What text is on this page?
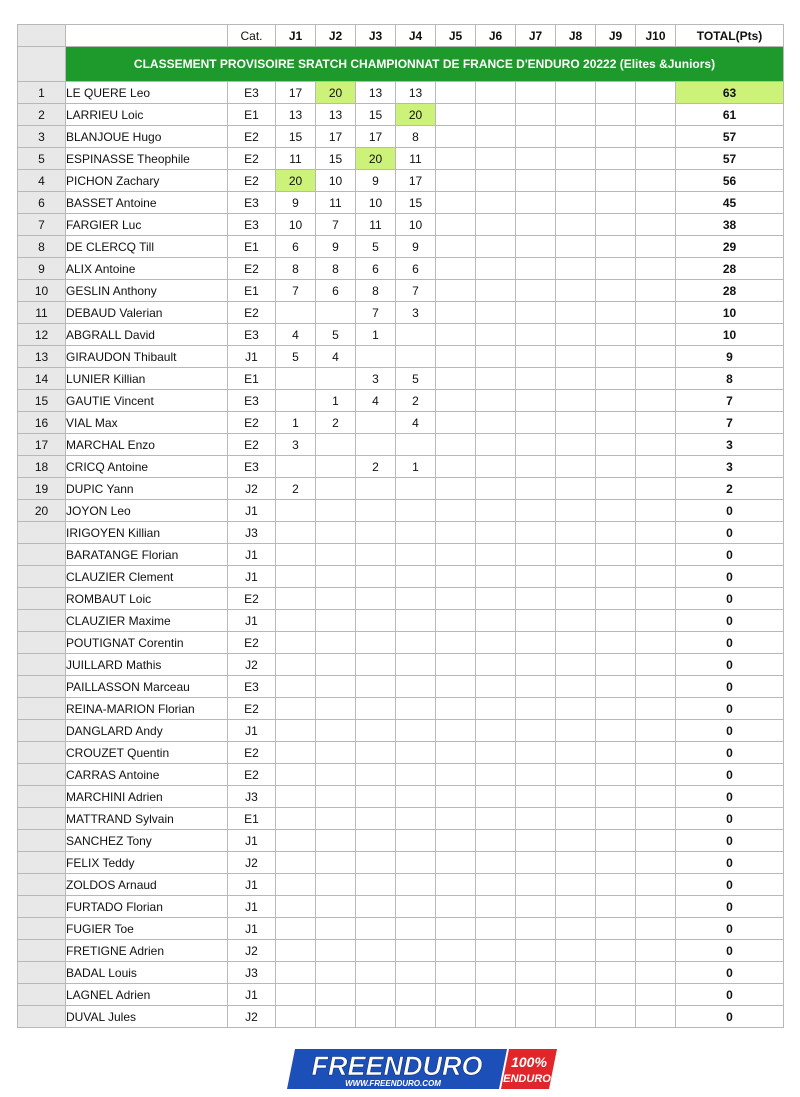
		Cat.	J1	J2	J3	J4	J5	J6	J7	J8	J9	J10	TOTAL(Pts)
	CLASSEMENT PROVISOIRE SRATCH CHAMPIONNAT DE FRANCE D'ENDURO 20222 (Elites &Juniors)												
1	LE QUERE Leo	E3	17	20	13	13							63
2	LARRIEU Loic	E1	13	13	15	20							61
3	BLANJOUE Hugo	E2	15	17	17	8							57
5	ESPINASSE Theophile	E2	11	15	20	11							57
4	PICHON Zachary	E2	20	10	9	17							56
6	BASSET Antoine	E3	9	11	10	15							45
7	FARGIER Luc	E3	10	7	11	10							38
8	DE CLERCQ Till	E1	6	9	5	9							29
9	ALIX Antoine	E2	8	8	6	6							28
10	GESLIN Anthony	E1	7	6	8	7							28
11	DEBAUD Valerian	E2			7	3							10
12	ABGRALL David	E3	4	5	1								10
13	GIRAUDON Thibault	J1	5	4									9
14	LUNIER Killian	E1			3	5							8
15	GAUTIE Vincent	E3		1	4	2							7
16	VIAL Max	E2	1	2		4							7
17	MARCHAL Enzo	E2	3										3
18	CRICQ Antoine	E3			2	1							3
19	DUPIC Yann	J2	2										2
20	JOYON Leo	J1											0
	IRIGOYEN Killian	J3											0
	BARATANGE Florian	J1											0
	CLAUZIER Clement	J1											0
	ROMBAUT Loic	E2											0
	CLAUZIER Maxime	J1											0
	POUTIGNAT Corentin	E2											0
	JUILLARD Mathis	J2											0
	PAILLASSON Marceau	E3											0
	REINA-MARION Florian	E2											0
	DANGLARD Andy	J1											0
	CROUZET Quentin	E2											0
	CARRAS Antoine	E2											0
	MARCHINI Adrien	J3											0
	MATTRAND Sylvain	E1											0
	SANCHEZ Tony	J1											0
	FELIX Teddy	J2											0
	ZOLDOS Arnaud	J1											0
	FURTADO Florian	J1											0
	FUGIER Toe	J1											0
	FRETIGNE Adrien	J2											0
	BADAL Louis	J3											0
	LAGNEL Adrien	J1											0
	DUVAL Jules	J2											0
FREENDURO
WWW.FREENDURO.COM
100%
ENDURO
